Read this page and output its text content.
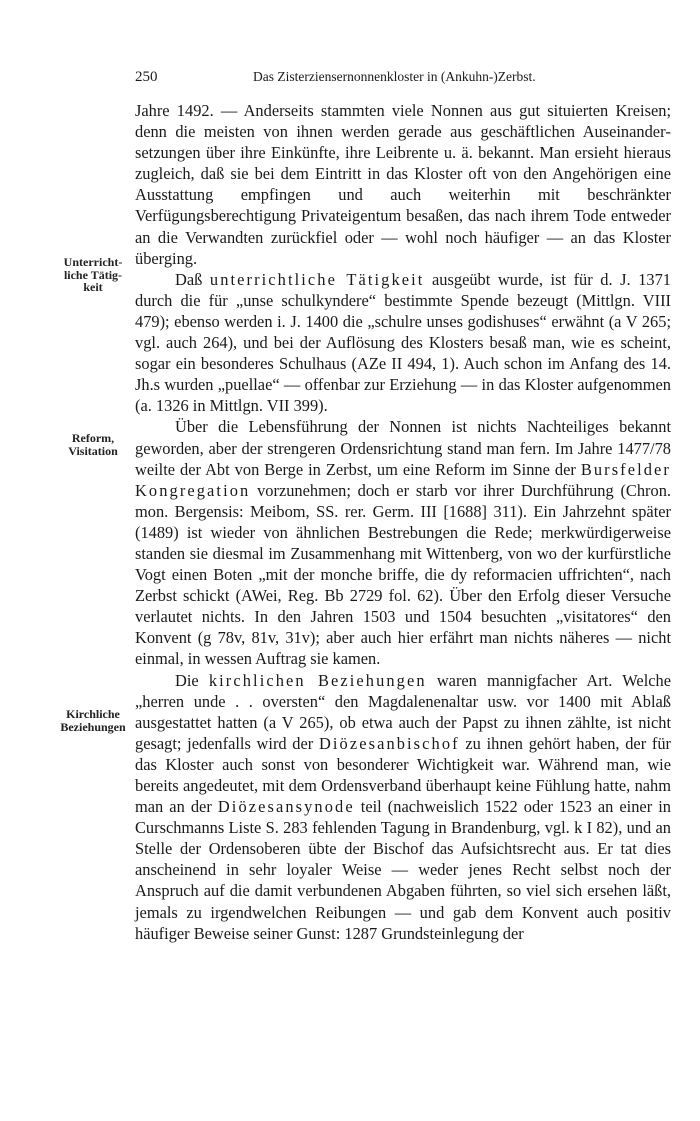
250	Das Zisterziensernonnenkloster in (Ankuhn-)Zerbst.
Unterricht-
liche Tätig-
keit
Reform,
Visitation
Kirchliche
Beziehungen

Jahre 1492. — Anderseits stammten viele Nonnen aus gut situierten Kreisen; denn die meisten von ihnen werden gerade aus geschäftlichen Auseinandersetzungen über ihre Einkünfte, ihre Leibrente u. ä. bekannt. Man ersieht hieraus zugleich, daß sie bei dem Eintritt in das Kloster oft von den Angehörigen eine Ausstattung empfingen und auch weiterhin mit beschränkter Verfügungsberechtigung Privateigentum besaßen, das nach ihrem Tode entweder an die Verwandten zurückfiel oder — wohl noch häufiger — an das Kloster überging.

Daß unterrichtliche Tätigkeit ausgeübt wurde, ist für d. J. 1371 durch die für „unse schulkyndere“ bestimmte Spende bezeugt (Mittlgn. VIII 479); ebenso werden i. J. 1400 die „schulre unses godishuses“ erwähnt (a V 265; vgl. auch 264), und bei der Auflösung des Klosters besaß man, wie es scheint, sogar ein besonderes Schulhaus (AZe II 494, 1). Auch schon im Anfang des 14. Jh.s wurden „puellae“ — offenbar zur Erziehung — in das Kloster aufgenommen (a. 1326 in Mittlgn. VII 399).

Über die Lebensführung der Nonnen ist nichts Nachteiliges bekannt geworden, aber der strengeren Ordensrichtung stand man fern. Im Jahre 1477/78 weilte der Abt von Berge in Zerbst, um eine Reform im Sinne der Bursfelder Kongregation vorzunehmen; doch er starb vor ihrer Durchführung (Chron. mon. Bergensis: Meibom, SS. rer. Germ. III [1688] 311). Ein Jahrzehnt später (1489) ist wieder von ähnlichen Bestrebungen die Rede; merkwürdigerweise standen sie diesmal im Zusammenhang mit Wittenberg, von wo der kurfürstliche Vogt einen Boten „mit der monche briffe, die dy reformacien uffrichten“, nach Zerbst schickt (AWei, Reg. Bb 2729 fol. 62). Über den Erfolg dieser Versuche verlautet nichts. In den Jahren 1503 und 1504 besuchten „visitatores“ den Konvent (g 78v, 81v, 31v); aber auch hier erfährt man nichts näheres — nicht einmal, in wessen Auftrag sie kamen.

Die kirchlichen Beziehungen waren mannigfacher Art. Welche „herren unde . . oversten“ den Magdalenenaltar usw. vor 1400 mit Ablaß ausgestattet hatten (a V 265), ob etwa auch der Papst zu ihnen zählte, ist nicht gesagt; jedenfalls wird der Diözesanbischof zu ihnen gehört haben, der für das Kloster auch sonst von besonderer Wichtigkeit war. Während man, wie bereits angedeutet, mit dem Ordensverband überhaupt keine Fühlung hatte, nahm man an der Diözesansynode teil (nachweislich 1522 oder 1523 an einer in Curschmanns Liste S. 283 fehlenden Tagung in Brandenburg, vgl. k I 82), und an Stelle der Ordensoberen übte der Bischof das Aufsichtsrecht aus. Er tat dies anscheinend in sehr loyaler Weise — weder jenes Recht selbst noch der Anspruch auf die damit verbundenen Abgaben führten, so viel sich ersehen läßt, jemals zu irgendwelchen Reibungen — und gab dem Konvent auch positiv häufiger Beweise seiner Gunst: 1287 Grundsteinlegung der
